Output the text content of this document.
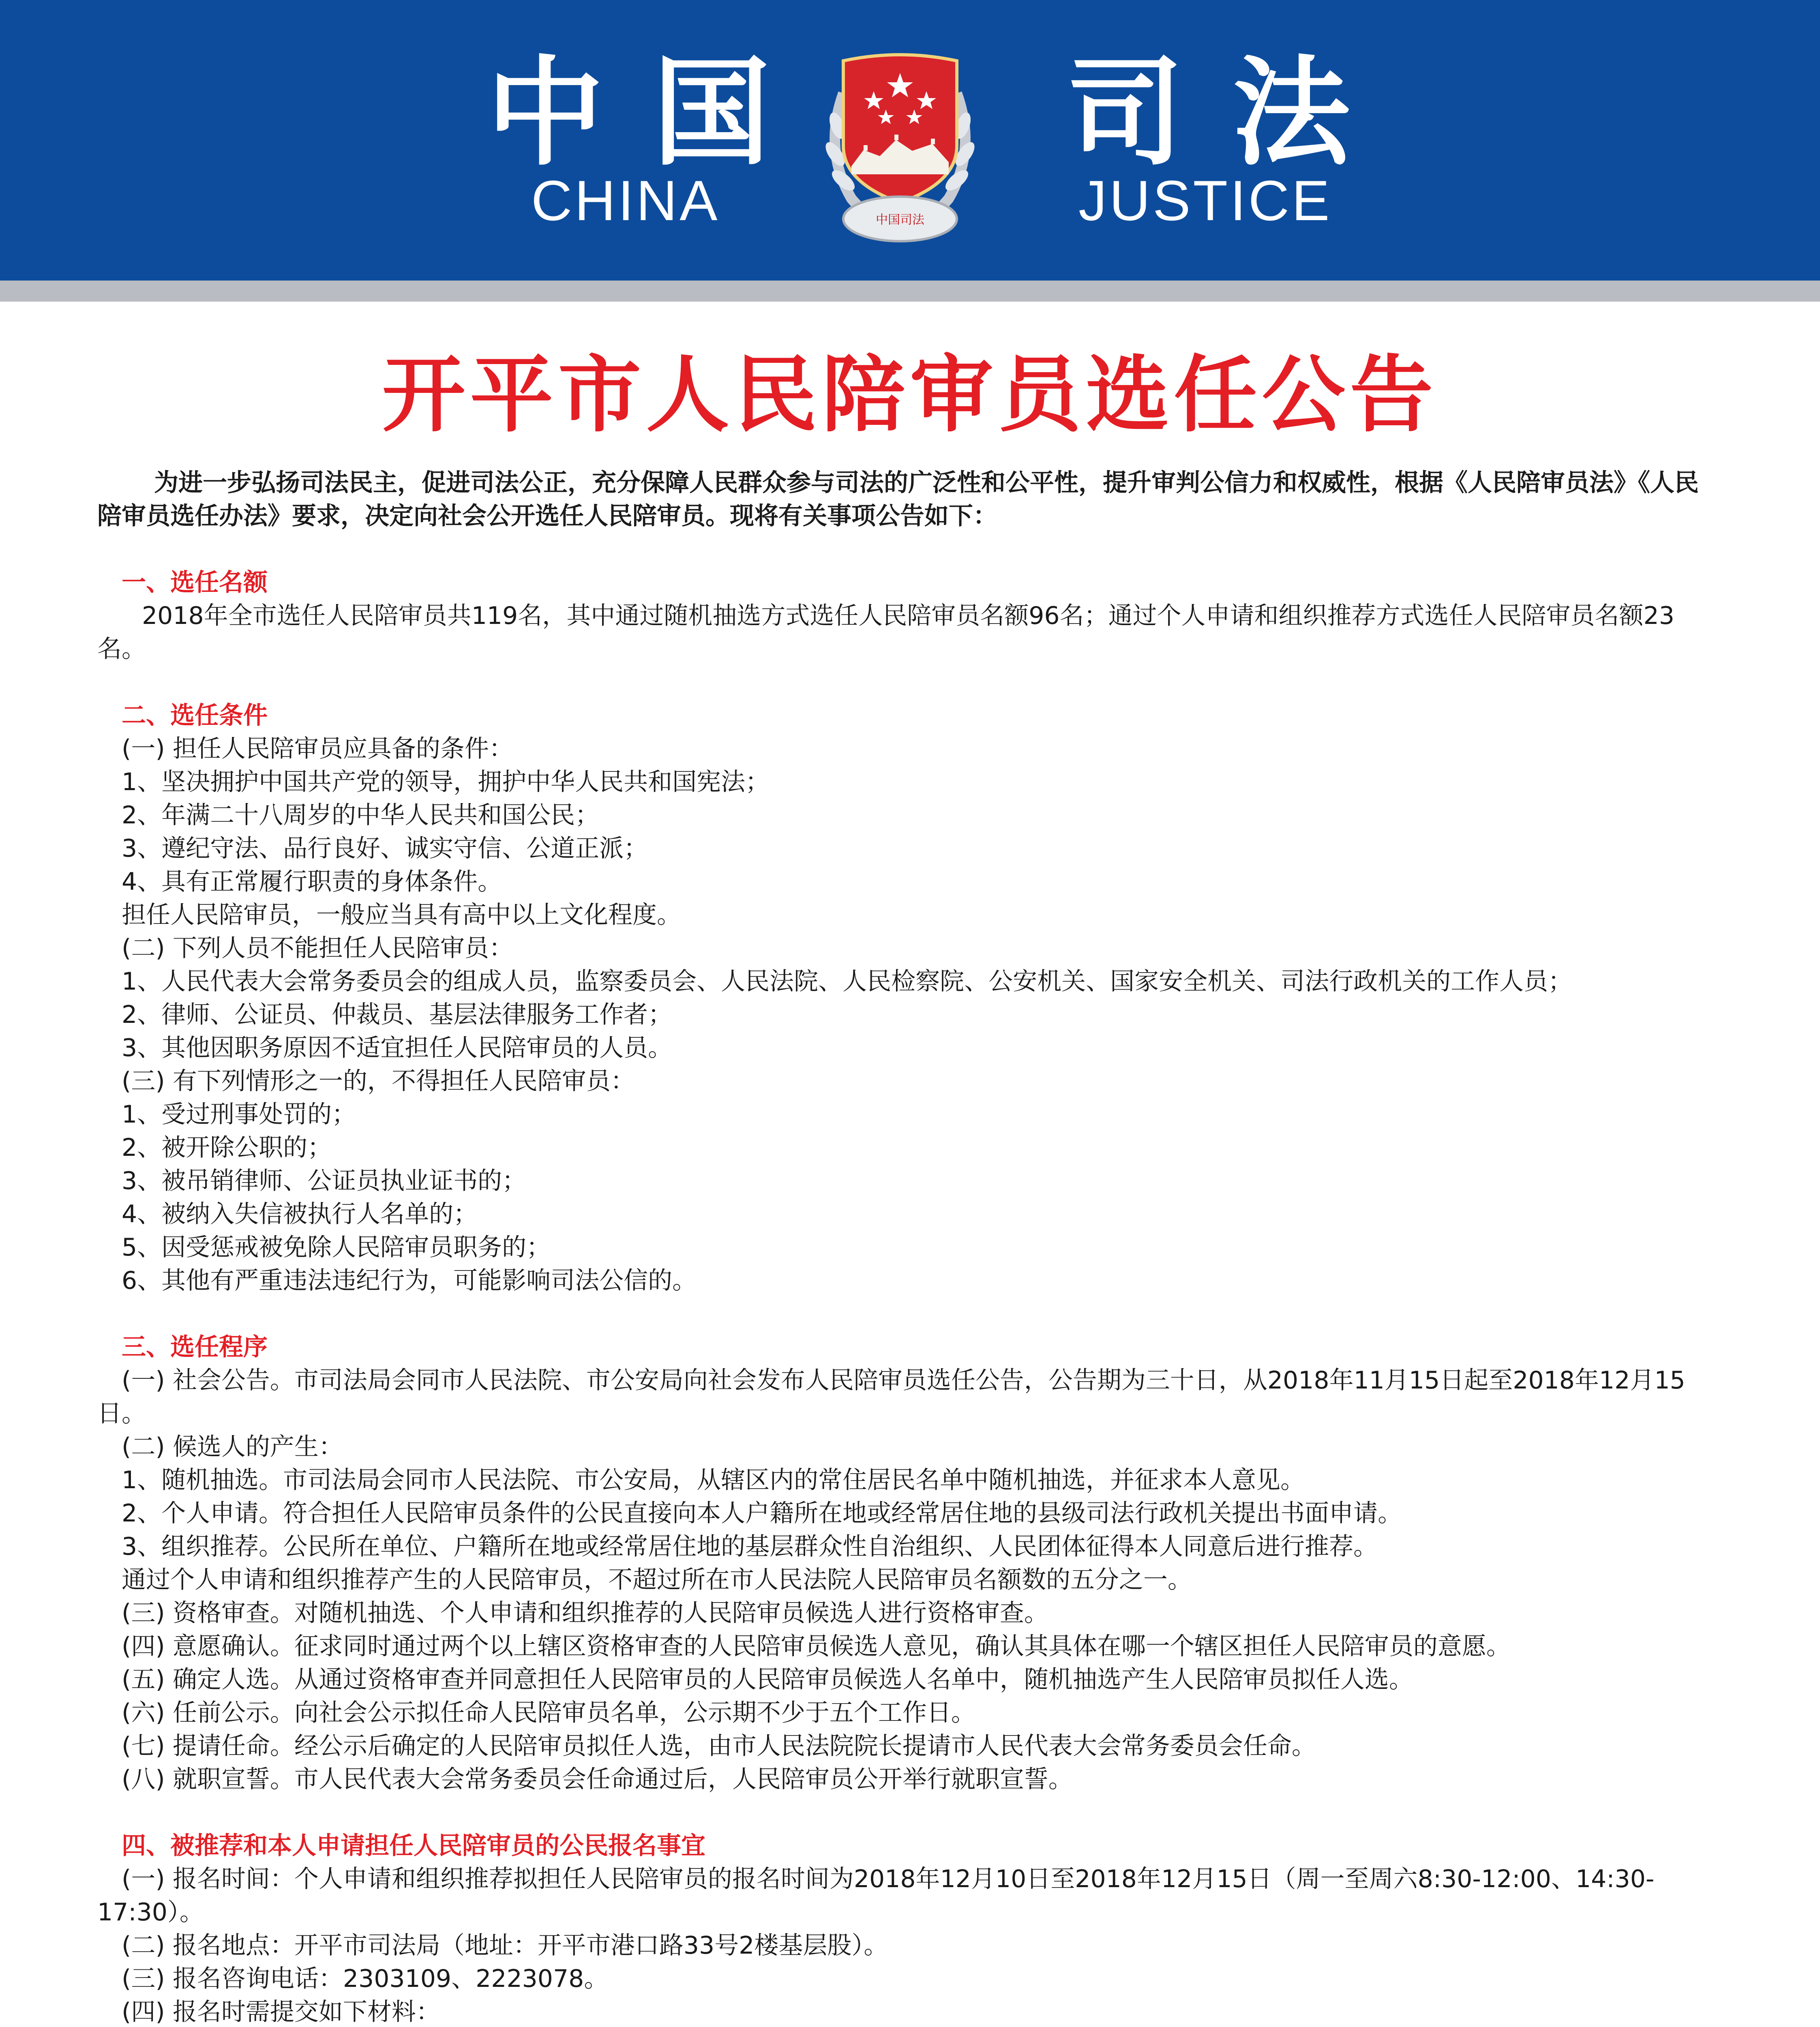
中国 司法
CHINA	JUSTICE
中国司法
开平市人民陪审员选任公告

为进一步弘扬司法民主，促进司法公正，充分保障人民群众参与司法的广泛性和公平性，提升审判公信力和权威性，根据《人民陪审员法》《人民陪审员选任办法》要求，决定向社会公开选任人民陪审员。现将有关事项公告如下：

一、选任名额

2018年全市选任人民陪审员共119名，其中通过随机抽选方式选任人民陪审员名额96名；通过个人申请和组织推荐方式选任人民陪审员名额23名。

二、选任条件

(一) 担任人民陪审员应具备的条件：

1、坚决拥护中国共产党的领导，拥护中华人民共和国宪法；

2、年满二十八周岁的中华人民共和国公民；

3、遵纪守法、品行良好、诚实守信、公道正派；

4、具有正常履行职责的身体条件。

担任人民陪审员，一般应当具有高中以上文化程度。

(二) 下列人员不能担任人民陪审员：

1、人民代表大会常务委员会的组成人员，监察委员会、人民法院、人民检察院、公安机关、国家安全机关、司法行政机关的工作人员；

2、律师、公证员、仲裁员、基层法律服务工作者；

3、其他因职务原因不适宜担任人民陪审员的人员。

(三) 有下列情形之一的，不得担任人民陪审员：

1、受过刑事处罚的；

2、被开除公职的；

3、被吊销律师、公证员执业证书的；

4、被纳入失信被执行人名单的；

5、因受惩戒被免除人民陪审员职务的；

6、其他有严重违法违纪行为，可能影响司法公信的。

三、选任程序

(一) 社会公告。市司法局会同市人民法院、市公安局向社会发布人民陪审员选任公告，公告期为三十日，从2018年11月15日起至2018年12月15日。

(二) 候选人的产生：

1、随机抽选。市司法局会同市人民法院、市公安局，从辖区内的常住居民名单中随机抽选，并征求本人意见。

2、个人申请。符合担任人民陪审员条件的公民直接向本人户籍所在地或经常居住地的县级司法行政机关提出书面申请。

3、组织推荐。公民所在单位、户籍所在地或经常居住地的基层群众性自治组织、人民团体征得本人同意后进行推荐。

通过个人申请和组织推荐产生的人民陪审员，不超过所在市人民法院人民陪审员名额数的五分之一。

(三) 资格审查。对随机抽选、个人申请和组织推荐的人民陪审员候选人进行资格审查。

(四) 意愿确认。征求同时通过两个以上辖区资格审查的人民陪审员候选人意见，确认其具体在哪一个辖区担任人民陪审员的意愿。

(五) 确定人选。从通过资格审查并同意担任人民陪审员的人民陪审员候选人名单中，随机抽选产生人民陪审员拟任人选。

(六) 任前公示。向社会公示拟任命人民陪审员名单，公示期不少于五个工作日。

(七) 提请任命。经公示后确定的人民陪审员拟任人选，由市人民法院院长提请市人民代表大会常务委员会任命。

(八) 就职宣誓。市人民代表大会常务委员会任命通过后，人民陪审员公开举行就职宣誓。

四、被推荐和本人申请担任人民陪审员的公民报名事宜

(一) 报名时间：个人申请和组织推荐拟担任人民陪审员的报名时间为2018年12月10日至2018年12月15日（周一至周六8:30-12:00、14:30-17:30）。

(二) 报名地点：开平市司法局（地址：开平市港口路33号2楼基层股）。

(三) 报名咨询电话：2303109、2223078。

(四) 报名时需提交如下材料：
